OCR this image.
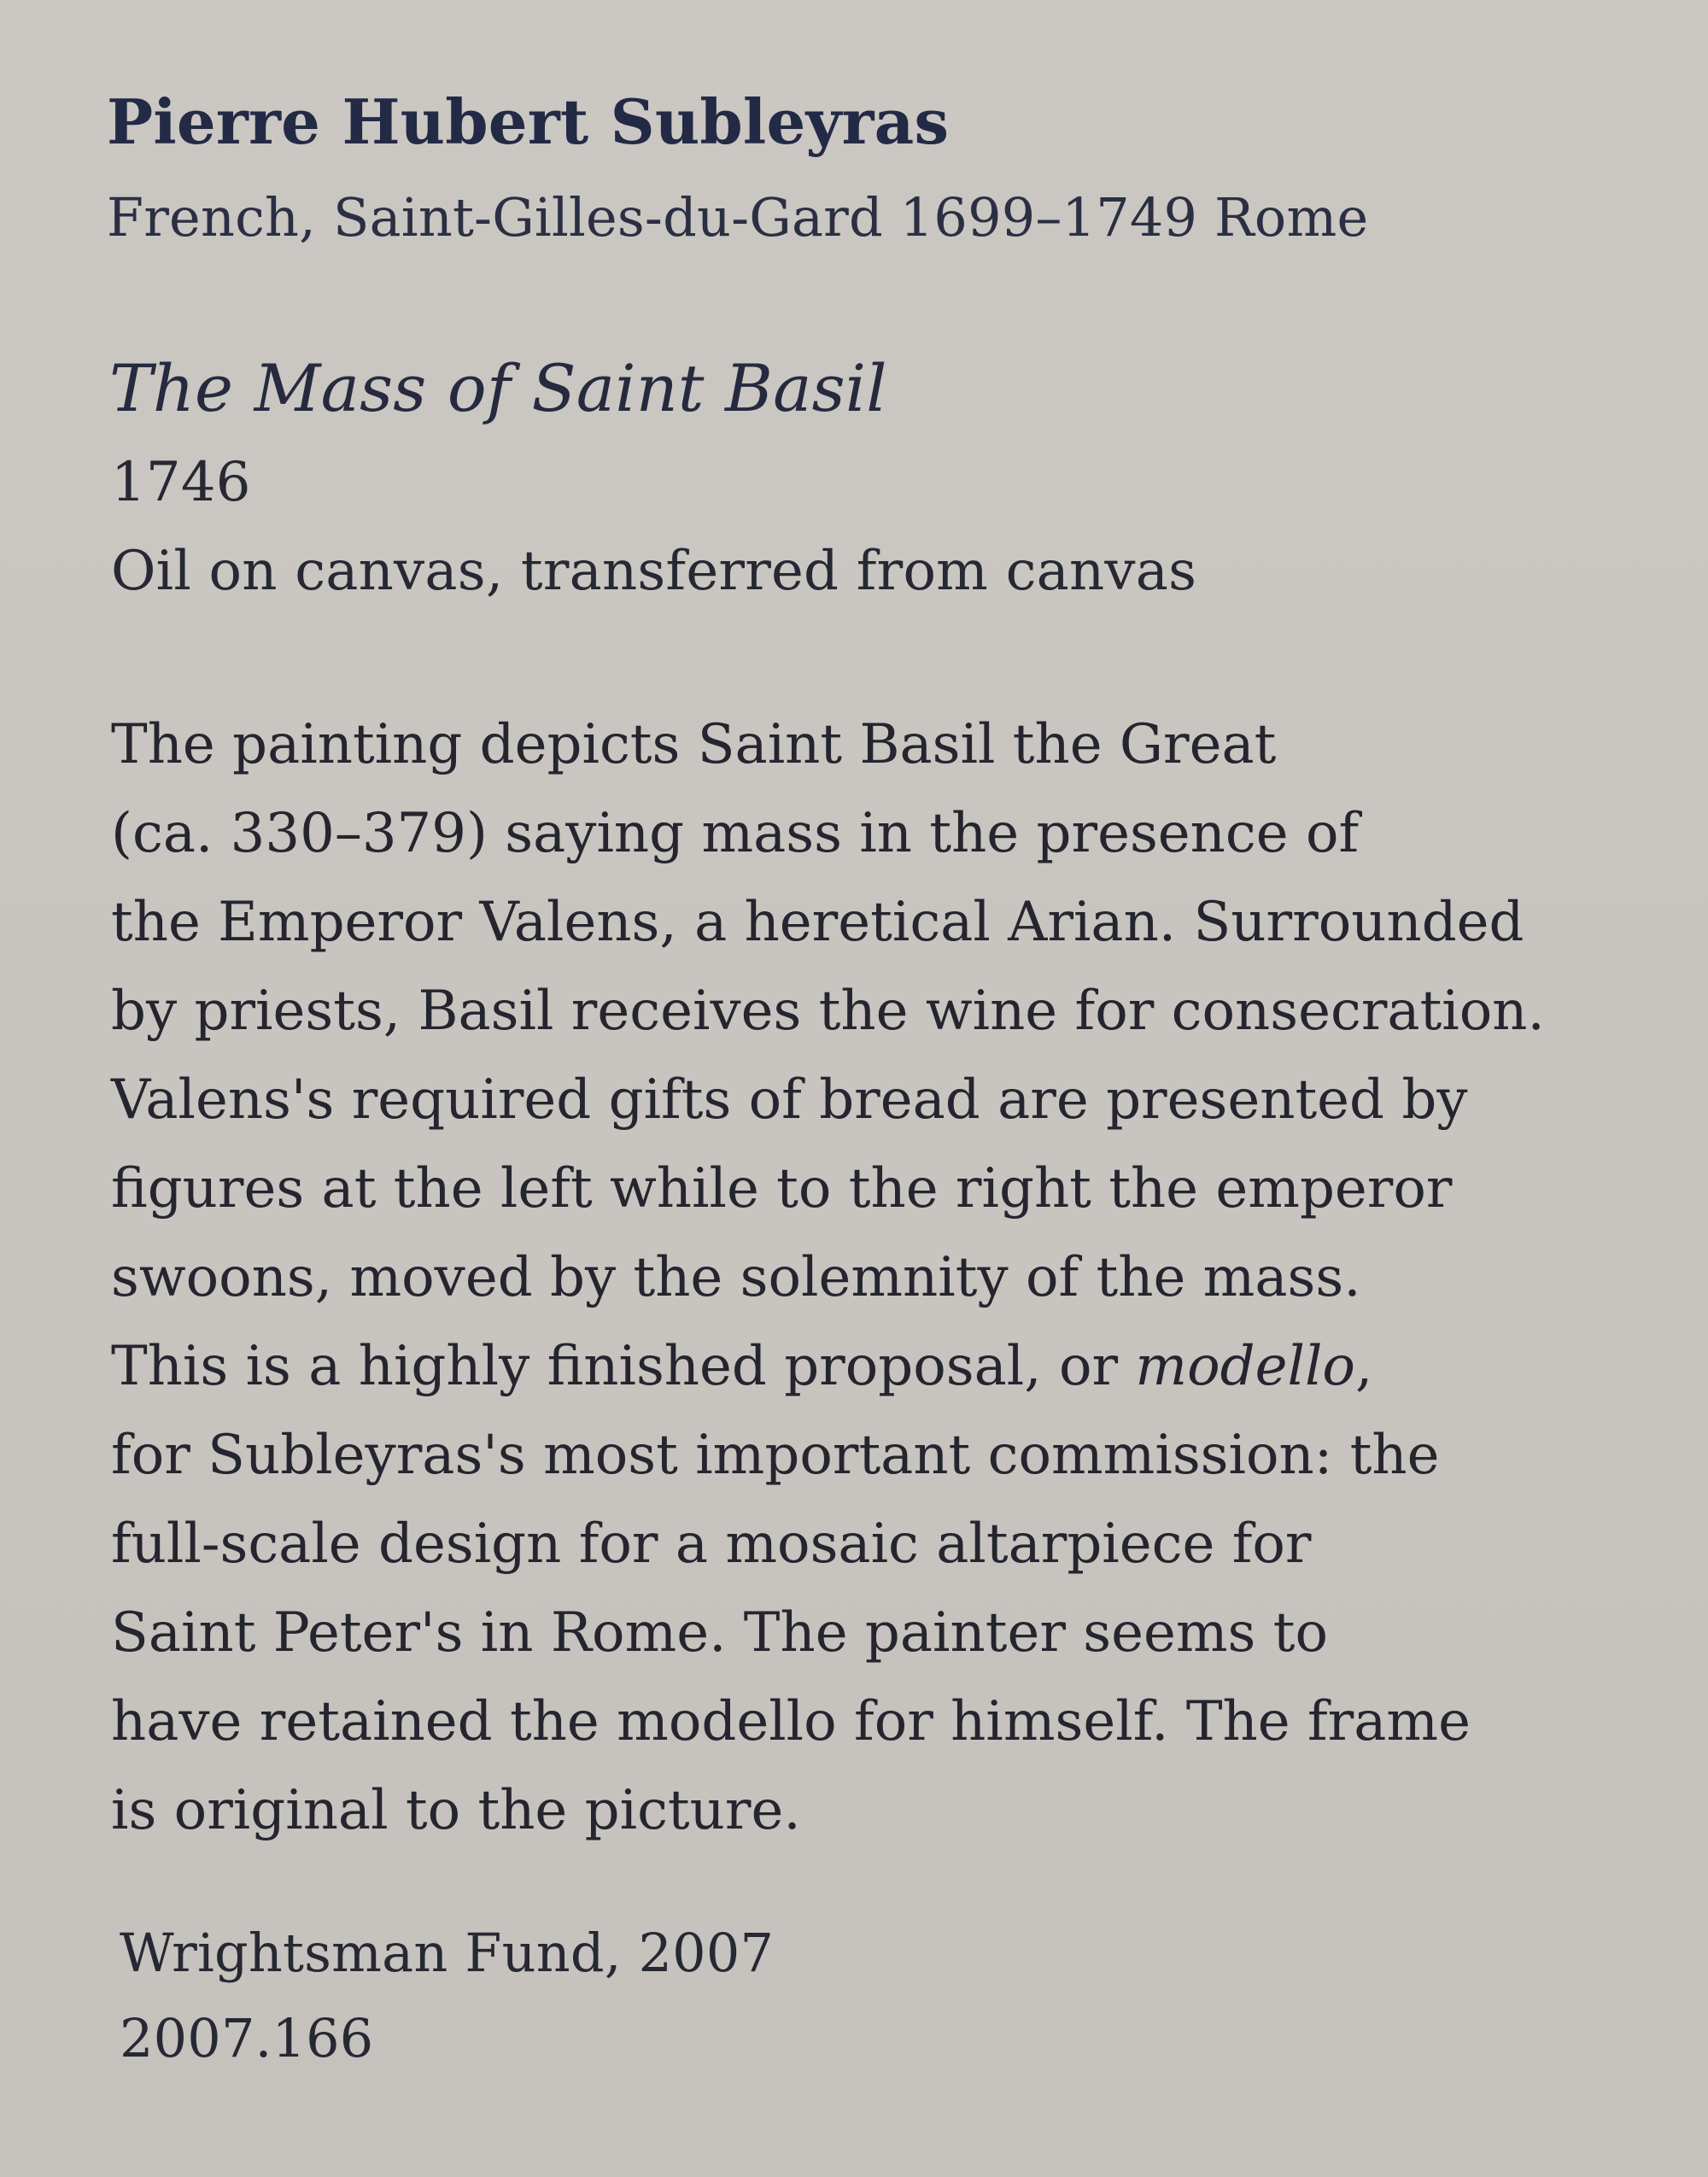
Pierre Hubert Subleyras
French, Saint-Gilles-du-Gard 1699–1749 Rome
The Mass of Saint Basil
1746
Oil on canvas, transferred from canvas
The painting depicts Saint Basil the Great
(ca. 330–379) saying mass in the presence of
the Emperor Valens, a heretical Arian. Surrounded
by priests, Basil receives the wine for consecration.
Valens's required gifts of bread are presented by
figures at the left while to the right the emperor
swoons, moved by the solemnity of the mass.
This is a highly finished proposal, or modello,
for Subleyras's most important commission: the
full-scale design for a mosaic altarpiece for
Saint Peter's in Rome. The painter seems to
have retained the modello for himself. The frame
is original to the picture.
Wrightsman Fund, 2007
2007.166
